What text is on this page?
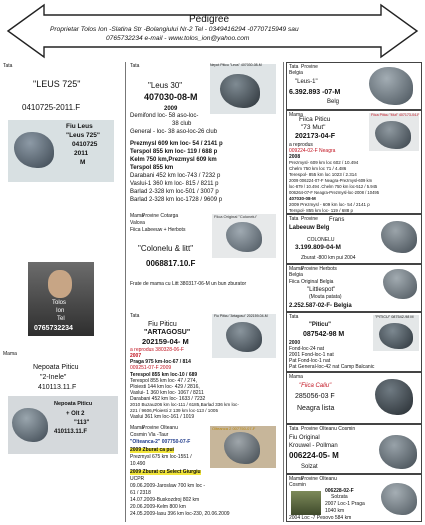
Pedigree
Proprietar Tolos Ion -Slatina Str -Bolangiului Nr-2 Tel - 0349416294 -0770715949 sau
0765732234 e-mail - www.tolos_ion@yahoo.com
Tata
"LEUS 725"
0410725-2011.F
Fiu Leus
"Leus 725"
0410725
2011
M
Tolos
Ion
Tel
0765732234
Mama
Nepoata Piticu
"2-Inele"
410113.11.F
Nepoata Piticu
+ Olt 2
"113"
410113.11.F
Tata	Nepot Piticu "Leus" 407030-08-M
"Leus 30"
407030-08-M
2009
Demifond loc- 58 aso-loc-
38 club
General - loc- 38 aso-loc-26 club
Prezmysl 609 km loc- 54 / 2141 p
Terspol 855 km loc- 119 / 688 p
Kelm 750 km,Prezmysl 609 km
Terspol 855 km
Darabani 452 km loc-743 / 7232 p
Vaslui-1 360 km loc- 815 / 8211 p
Barlad 2-328 km loc-501 / 3007 p
Barlad 2-328 km loc-1728 / 9609 p
Mama
Provine Cotarga
Valcea
Fiica Labeeuw + Herbots
Fiica Original "Colonelu"
"Colonelu & litt"
0068817.10.F
Frate de mama cu Litt 380317-06-M un bun zburator
Tata
Fiu Piticu
"ARTAGOSU"
202159-04- M
Fiu Piticu "Artagosu" 202159-04-M
a reprodus 380328-06-F
2007
Praga 975 km-loc-67 / 814
009251-07-F 2009
Terespol 855 km loc-10 / 689
Terespol 855 km loc- 47 / 274,
Ploiesti 144 km loc- 429 / 2816,
Vaslui- 1 360 km loc- 1067 / 8211
Darabani 452 km loc- 1633 / 7232
2010 Buzau206 km loc-111 / 6185,Barlad 336 km loc-
221 / 9606,Ploiesti 2 139 km loc-113 / 1005
Vaslui 361 km loc-161 / 1019
Mama
Provine Olteanu
Cosmin Vla -Taur
"Olteanca-2" 007750-07-F
Olteanca 2 007750-07-F
2009 Zburat ca pui
Prezmysl 675 km loc-1551 /
10.490
2009 Zburat cu Select Giurgiu
UCPR
09.06.2009-Jaroslaw 700 km loc -
61 / 2318
14.07.2009-Buskozdroj 802 km
20.06.2009-Kelm 800 km
24.05.2009-Iasu 396 km loc-230, 20.06.2009
Tata Provine
Belgia
"Leus-1"
6.392.893 -07-M
Belg
Mama
Fiica Piticu
"73 Mut"
202173-04-F
Fiica Piticu "Mut" 407173-04-F
a reprodus
009224-02-F Neagra
2008
Prezmysl- 609 km loc 602 / 10.494
Chelm 750 km loc 71 / 4.486
Terespol- 855 km loc 1023 / 2.314
2009 006224-07-F Neagra-Prezmysl-609 km
loc-879 / 10.494 .Chelm 750 km loc-512 / 5.945
006264-07-F Neagra-Prezmysl-loc-2008 / 10495
407030-08-M
2009 Prezmysl - 609 km loc- 54 / 2141 p
Terspol- 855 km loc- 119 / 688 p
Tata Provine Frans
Labeeuw Belg
COLONELU
3.199.809-04-M
Zburat -800 km pui 2004
Mama
Provine Herbots
Belgia
Fiica Original Belgia
"Littlespot"
(Mouta patata)
2.252.587-02-F- Belgia
Tata
"Piticu"
087542-98 M
"PITICU" 087542-98 M
2000
Fond-loc-24 nat
2001 Fond-loc-1 nat
Pat Fond-loc-1 nat
Pat General-loc-42 nat Camp Balcanic
Mama
"Fiica Caliu"
285056-03 F
Neagra lista
Tata Provine Olteanu Cosmin
Fiu Original
Krouwel - Pollman
006224-05- M
Solzat
Mama
Provine Olteanu
Cosmin
006228-02-F
Solzata
2007 Loc-1 Praga
1040 km
2004 Loc -7 Pesovo 584 km
